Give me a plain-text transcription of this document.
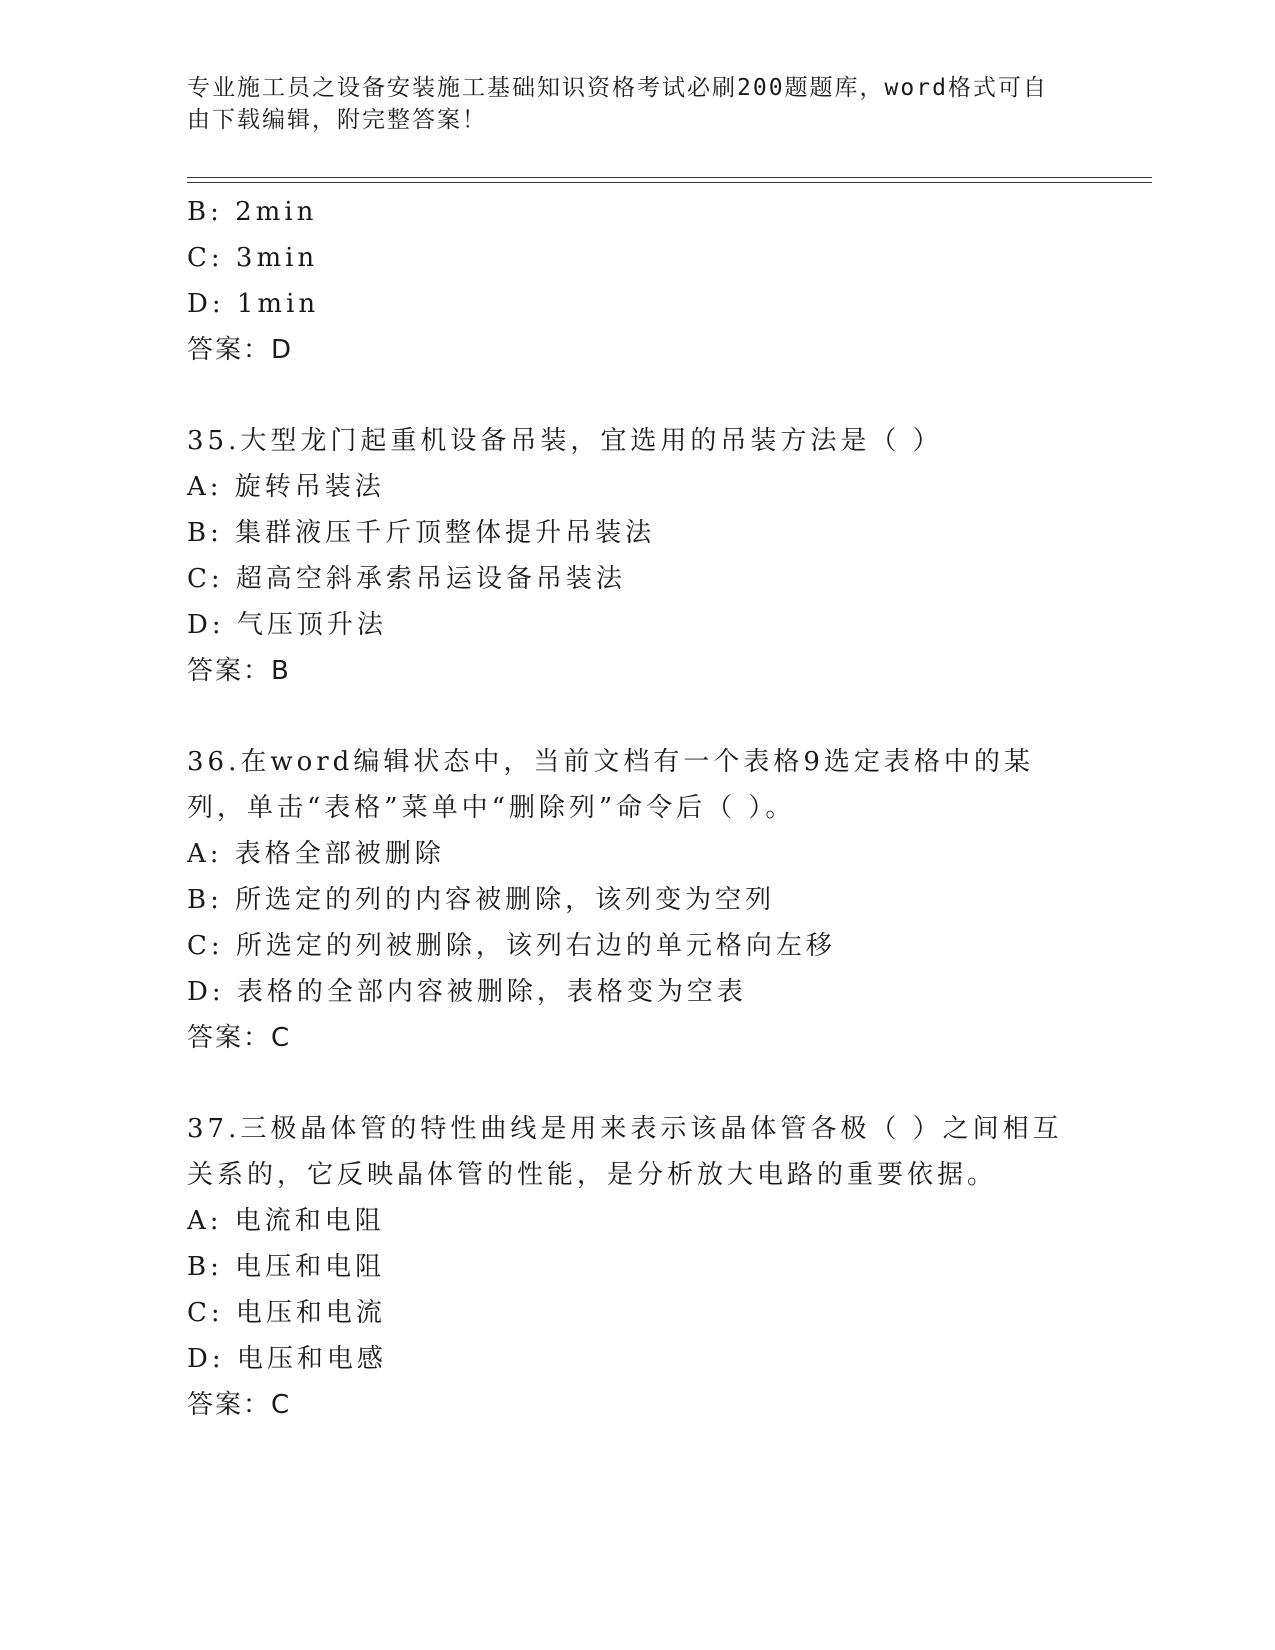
专业施工员之设备安装施工基础知识资格考试必刷200题题库，word格式可自由下载编辑，附完整答案！
B: 2min
C: 3min
D: 1min
答案：D
35.大型龙门起重机设备吊装，宜选用的吊装方法是（ ）
A: 旋转吊装法
B: 集群液压千斤顶整体提升吊装法
C: 超高空斜承索吊运设备吊装法
D: 气压顶升法
答案：B
36.在word编辑状态中，当前文档有一个表格9选定表格中的某列，单击“表格”菜单中“删除列”命令后（ ）。
A: 表格全部被删除
B: 所选定的列的内容被删除，该列变为空列
C: 所选定的列被删除，该列右边的单元格向左移
D: 表格的全部内容被删除，表格变为空表
答案：C
37.三极晶体管的特性曲线是用来表示该晶体管各极（ ）之间相互关系的，它反映晶体管的性能，是分析放大电路的重要依据。
A: 电流和电阻
B: 电压和电阻
C: 电压和电流
D: 电压和电感
答案：C
